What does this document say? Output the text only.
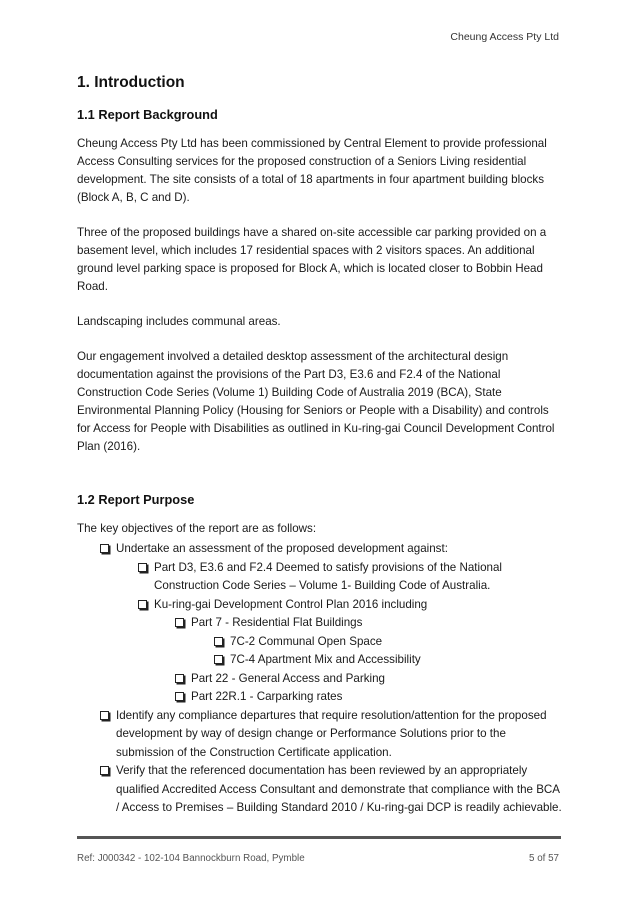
Cheung Access Pty Ltd
1. Introduction
1.1 Report Background

Cheung Access Pty Ltd has been commissioned by Central Element to provide professional Access Consulting services for the proposed construction of a Seniors Living residential development. The site consists of a total of 18 apartments in four apartment building blocks (Block A, B, C and D).

Three of the proposed buildings have a shared on-site accessible car parking provided on a basement level, which includes 17 residential spaces with 2 visitors spaces. An additional ground level parking space is proposed for Block A, which is located closer to Bobbin Head Road.

Landscaping includes communal areas.

Our engagement involved a detailed desktop assessment of the architectural design documentation against the provisions of the Part D3, E3.6 and F2.4 of the National Construction Code Series (Volume 1) Building Code of Australia 2019 (BCA), State Environmental Planning Policy (Housing for Seniors or People with a Disability) and controls for Access for People with Disabilities as outlined in Ku-ring-gai Council Development Control Plan (2016).

1.2 Report Purpose

The key objectives of the report are as follows:

Undertake an assessment of the proposed development against:
Part D3, E3.6 and F2.4 Deemed to satisfy provisions of the National Construction Code Series – Volume 1- Building Code of Australia.
Ku-ring-gai Development Control Plan 2016 including
Part 7 - Residential Flat Buildings
7C-2 Communal Open Space
7C-4 Apartment Mix and Accessibility
Part 22 - General Access and Parking
Part 22R.1 - Carparking rates
Identify any compliance departures that require resolution/attention for the proposed development by way of design change or Performance Solutions prior to the submission of the Construction Certificate application.
Verify that the referenced documentation has been reviewed by an appropriately qualified Accredited Access Consultant and demonstrate that compliance with the BCA / Access to Premises – Building Standard 2010 / Ku-ring-gai DCP is readily achievable.
Ref: J000342 - 102-104 Bannockburn Road, Pymble	5 of 57
